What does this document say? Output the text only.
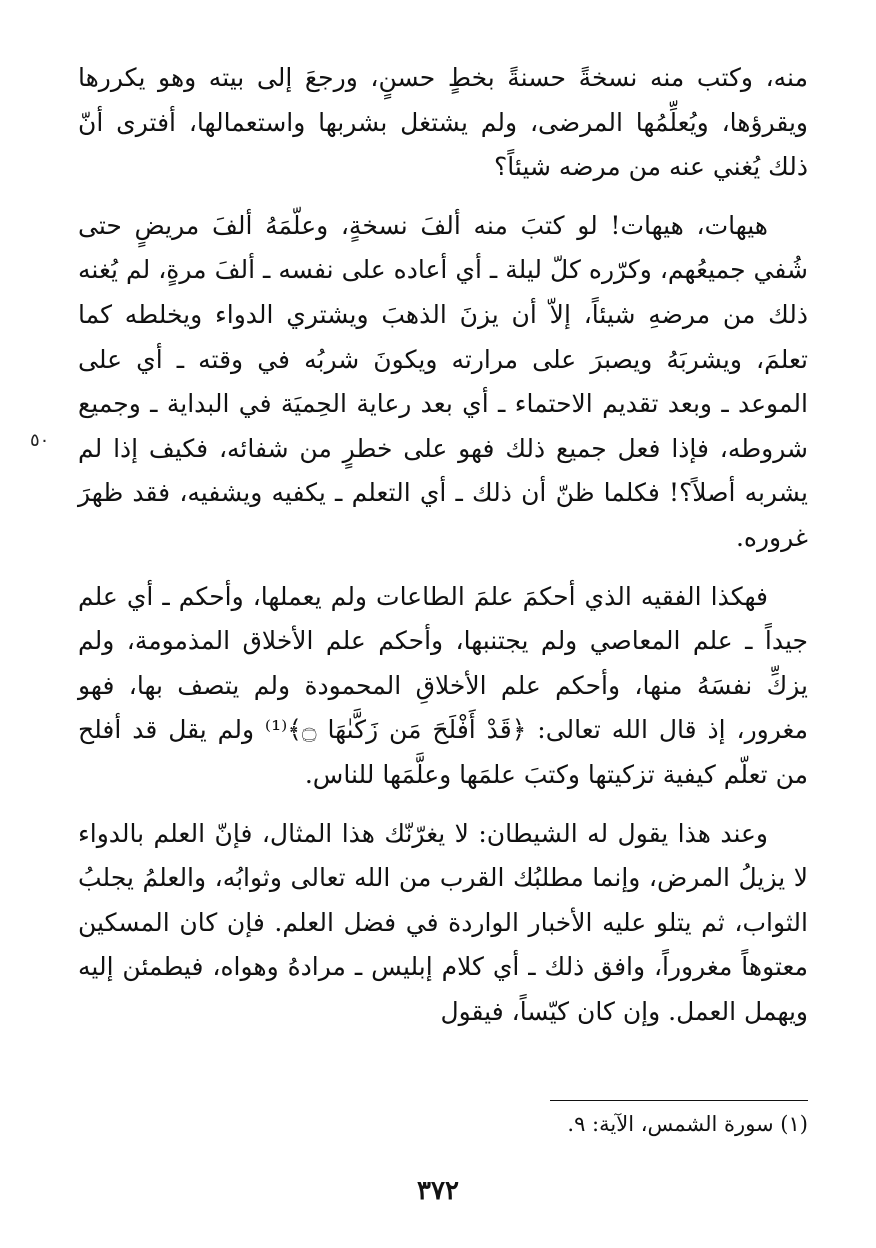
منه، وكتب منه نسخةً حسنةً بخطٍ حسنٍ، ورجعَ إلى بيته وهو يكررها ويقرؤها، ويُعلِّمُها المرضى، ولم يشتغل بشربها واستعمالها، أفترى أنّ ذلك يُغني عنه من مرضه شيئاً؟

هيهات، هيهات! لو كتبَ منه ألفَ نسخةٍ، وعلّمَهُ ألفَ مريضٍ حتى شُفي جميعُهم، وكرّره كلّ ليلة ـ أي أعاده على نفسه ـ ألفَ مرةٍ، لم يُغنه ذلك من مرضهِ شيئاً، إلاّ أن يزنَ الذهبَ ويشتري الدواء ويخلطه كما تعلمَ، ويشربَهُ ويصبرَ على مرارته ويكونَ شربُه في وقته ـ أي على الموعد ـ وبعد تقديم الاحتماء ـ أي بعد رعاية الحِميَة في البداية ـ وجميع شروطه، فإذا فعل جميع ذلك فهو على خطرٍ من شفائه، فكيف إذا لم يشربه أصلاً؟! فكلما ظنّ أن ذلك ـ أي التعلم ـ يكفيه ويشفيه، فقد ظهرَ غروره.

فهكذا الفقيه الذي أحكمَ علمَ الطاعات ولم يعملها، وأحكم ـ أي علم جيداً ـ علم المعاصي ولم يجتنبها، وأحكم علم الأخلاق المذمومة، ولم يزكِّ نفسَهُ منها، وأحكم علم الأخلاقِ المحمودة ولم يتصف بها، فهو مغرور، إذ قال الله تعالى: ﴿قَدْ أَفْلَحَ مَن زَكَّىٰهَا ۝﴾⁽¹⁾ ولم يقل قد أفلح من تعلّم كيفية تزكيتها وكتبَ علمَها وعلَّمَها للناس.

وعند هذا يقول له الشيطان: لا يغرّنّك هذا المثال، فإنّ العلم بالدواء لا يزيلُ المرض، وإنما مطلبُك القرب من الله تعالى وثوابُه، والعلمُ يجلبُ الثواب، ثم يتلو عليه الأخبار الواردة في فضل العلم. فإن كان المسكين معتوهاً مغروراً، وافق ذلك ـ أي كلام إبليس ـ مرادهُ وهواه، فيطمئن إليه ويهمل العمل. وإن كان كيّساً، فيقول

٥٠
(١) سورة الشمس، الآية: ٩.
٣٧٢
